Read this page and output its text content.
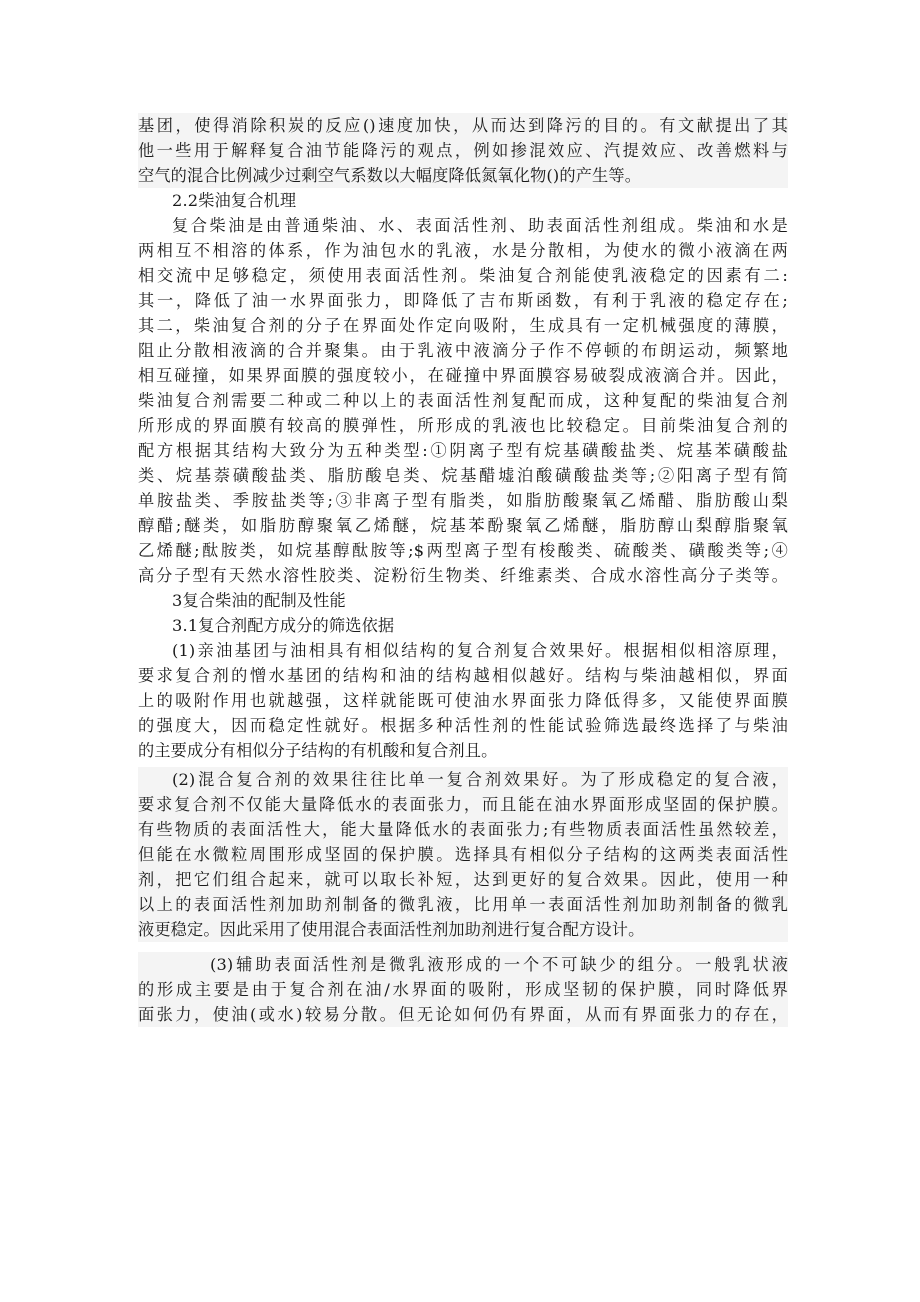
基团，使得消除积炭的反应()速度加快，从而达到降污的目的。有文献提出了其
他一些用于解释复合油节能降污的观点，例如掺混效应、汽提效应、改善燃料与
空气的混合比例减少过剩空气系数以大幅度降低氮氧化物()的产生等。
2.2柴油复合机理
复合柴油是由普通柴油、水、表面活性剂、助表面活性剂组成。柴油和水是
两相互不相溶的体系，作为油包水的乳液，水是分散相，为使水的微小液滴在两
相交流中足够稳定，须使用表面活性剂。柴油复合剂能使乳液稳定的因素有二:
其一，降低了油一水界面张力，即降低了吉布斯函数，有利于乳液的稳定存在;
其二，柴油复合剂的分子在界面处作定向吸附，生成具有一定机械强度的薄膜，
阻止分散相液滴的合并聚集。由于乳液中液滴分子作不停顿的布朗运动，频繁地
相互碰撞，如果界面膜的强度较小，在碰撞中界面膜容易破裂成液滴合并。因此，
柴油复合剂需要二种或二种以上的表面活性剂复配而成，这种复配的柴油复合剂
所形成的界面膜有较高的膜弹性，所形成的乳液也比较稳定。目前柴油复合剂的
配方根据其结构大致分为五种类型:①阴离子型有烷基磺酸盐类、烷基苯磺酸盐
类、烷基萘磺酸盐类、脂肪酸皂类、烷基醋墟泊酸磺酸盐类等;②阳离子型有简
单胺盐类、季胺盐类等;③非离子型有脂类，如脂肪酸聚氧乙烯醋、脂肪酸山梨
醇醋;醚类，如脂肪醇聚氧乙烯醚，烷基苯酚聚氧乙烯醚，脂肪醇山梨醇脂聚氧
乙烯醚;酞胺类，如烷基醇酞胺等;$两型离子型有梭酸类、硫酸类、磺酸类等;④
高分子型有天然水溶性胶类、淀粉衍生物类、纤维素类、合成水溶性高分子类等。
3复合柴油的配制及性能
3.1复合剂配方成分的筛选依据
(1)亲油基团与油相具有相似结构的复合剂复合效果好。根据相似相溶原理，
要求复合剂的憎水基团的结构和油的结构越相似越好。结构与柴油越相似，界面
上的吸附作用也就越强，这样就能既可使油水界面张力降低得多，又能使界面膜
的强度大，因而稳定性就好。根据多种活性剂的性能试验筛选最终选择了与柴油
的主要成分有相似分子结构的有机酸和复合剂且。
(2)混合复合剂的效果往往比单一复合剂效果好。为了形成稳定的复合液，
要求复合剂不仅能大量降低水的表面张力，而且能在油水界面形成坚固的保护膜。
有些物质的表面活性大，能大量降低水的表面张力;有些物质表面活性虽然较差，
但能在水微粒周围形成坚固的保护膜。选择具有相似分子结构的这两类表面活性
剂，把它们组合起来，就可以取长补短，达到更好的复合效果。因此，使用一种
以上的表面活性剂加助剂制备的微乳液，比用单一表面活性剂加助剂制备的微乳
液更稳定。因此采用了使用混合表面活性剂加助剂进行复合配方设计。
(3)辅助表面活性剂是微乳液形成的一个不可缺少的组分。一般乳状液
的形成主要是由于复合剂在油/水界面的吸附，形成坚韧的保护膜，同时降低界
面张力，使油(或水)较易分散。但无论如何仍有界面，从而有界面张力的存在，
